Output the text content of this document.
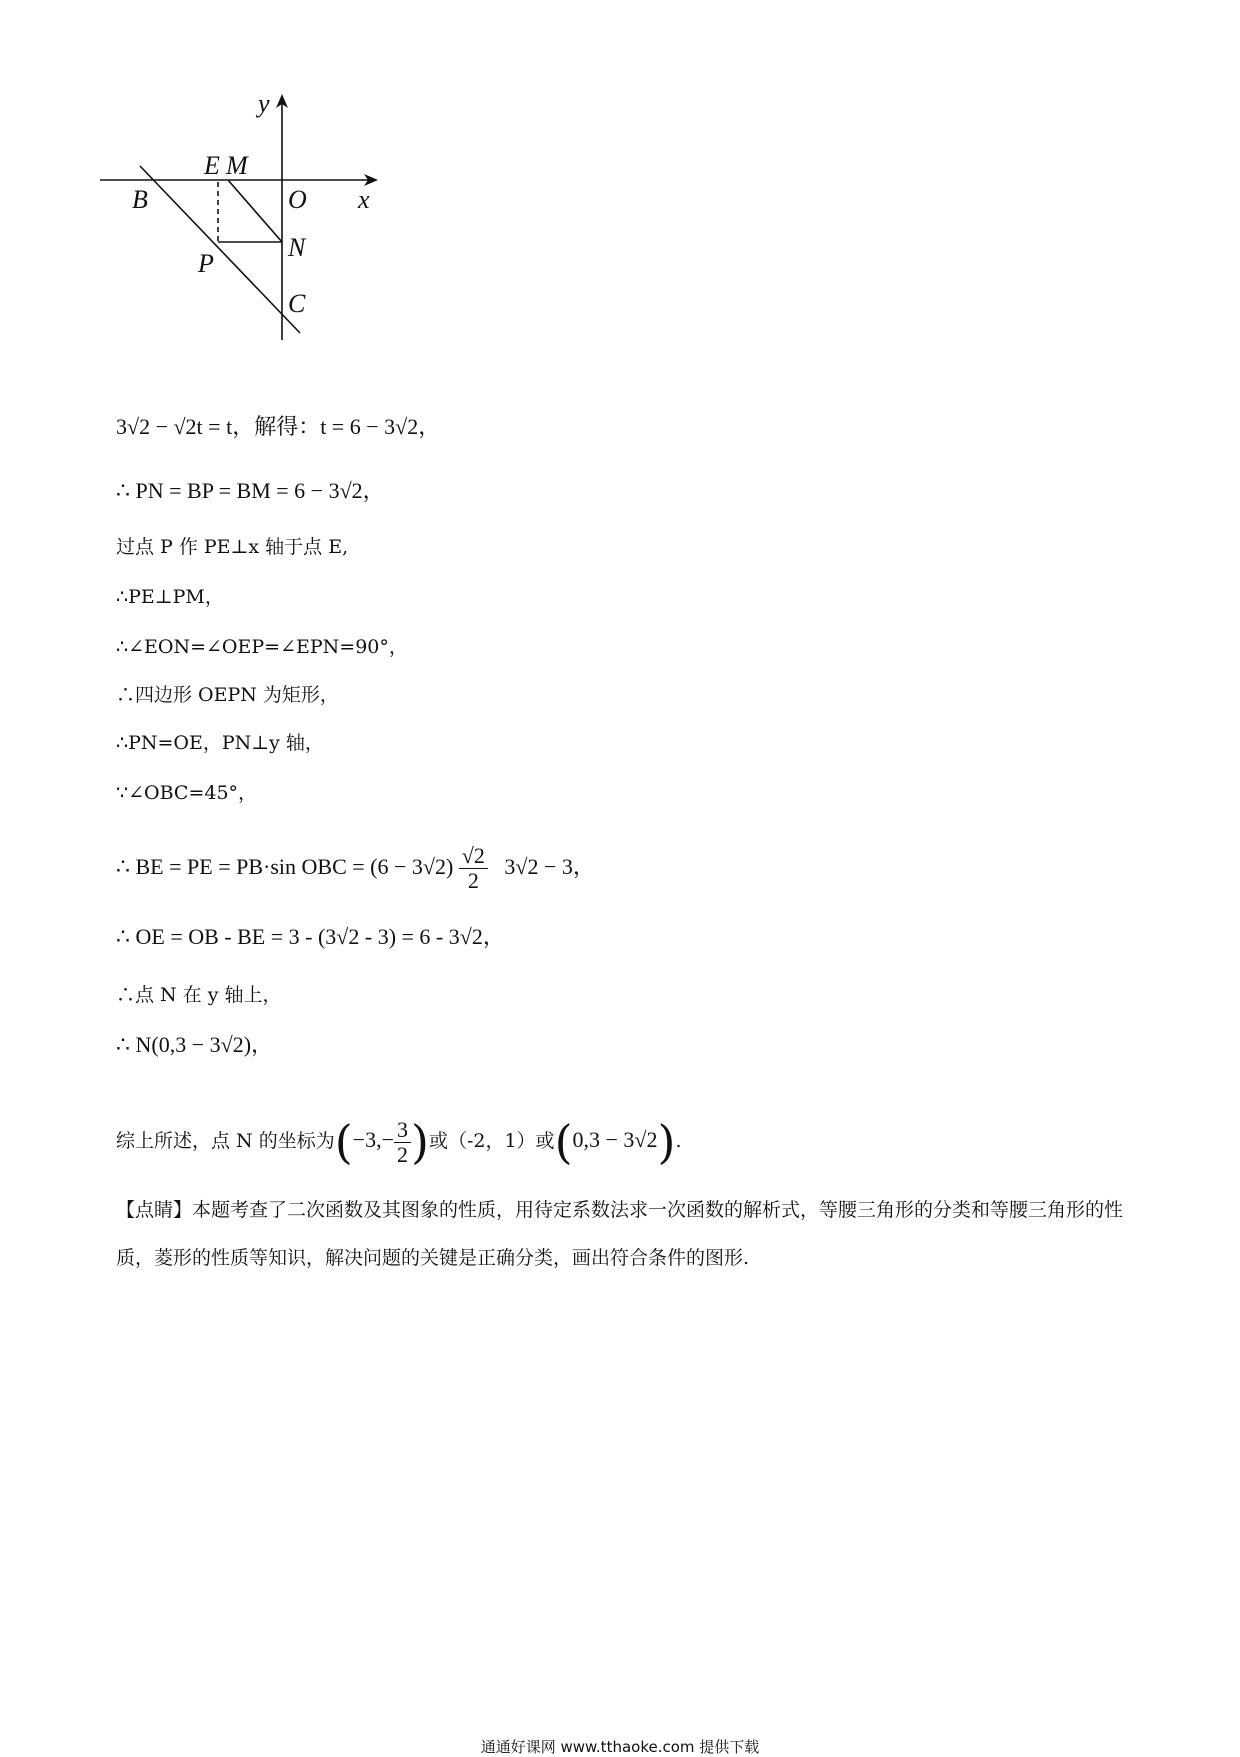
y
x
E M
B	O
N
P
C
3√2 − √2t = t，解得：t = 6 − 3√2，
∴ PN = BP = BM = 6 − 3√2，
过点 P 作 PE⊥x 轴于点 E,
∴PE⊥PM，
∴∠EON=∠OEP=∠EPN=90°，
∴四边形 OEPN 为矩形，
∴PN=OE，PN⊥y 轴，
∵∠OBC=45°，
∴ BE = PE = PB·sin OBC = $(6 - 3√2) \frac{√2}{2} 3√2 - 3$，
∴ OE = OB - BE = 3 - (3√2 - 3) = 6 - 3√2，
∴点 N 在 y 轴上，
∴ N(0,3 − 3√2)，
综上所述，点 N 的坐标为($-3,- \frac{3}{2}$ )或（-2，1）或(0,3 − 3√2).
【点睛】本题考查了二次函数及其图象的性质，用待定系数法求一次函数的解析式，等腰三角形的分类和等腰三角形的性质，菱形的性质等知识，解决问题的关键是正确分类，画出符合条件的图形.
通通好课网 www.tthaoke.com 提供下载
